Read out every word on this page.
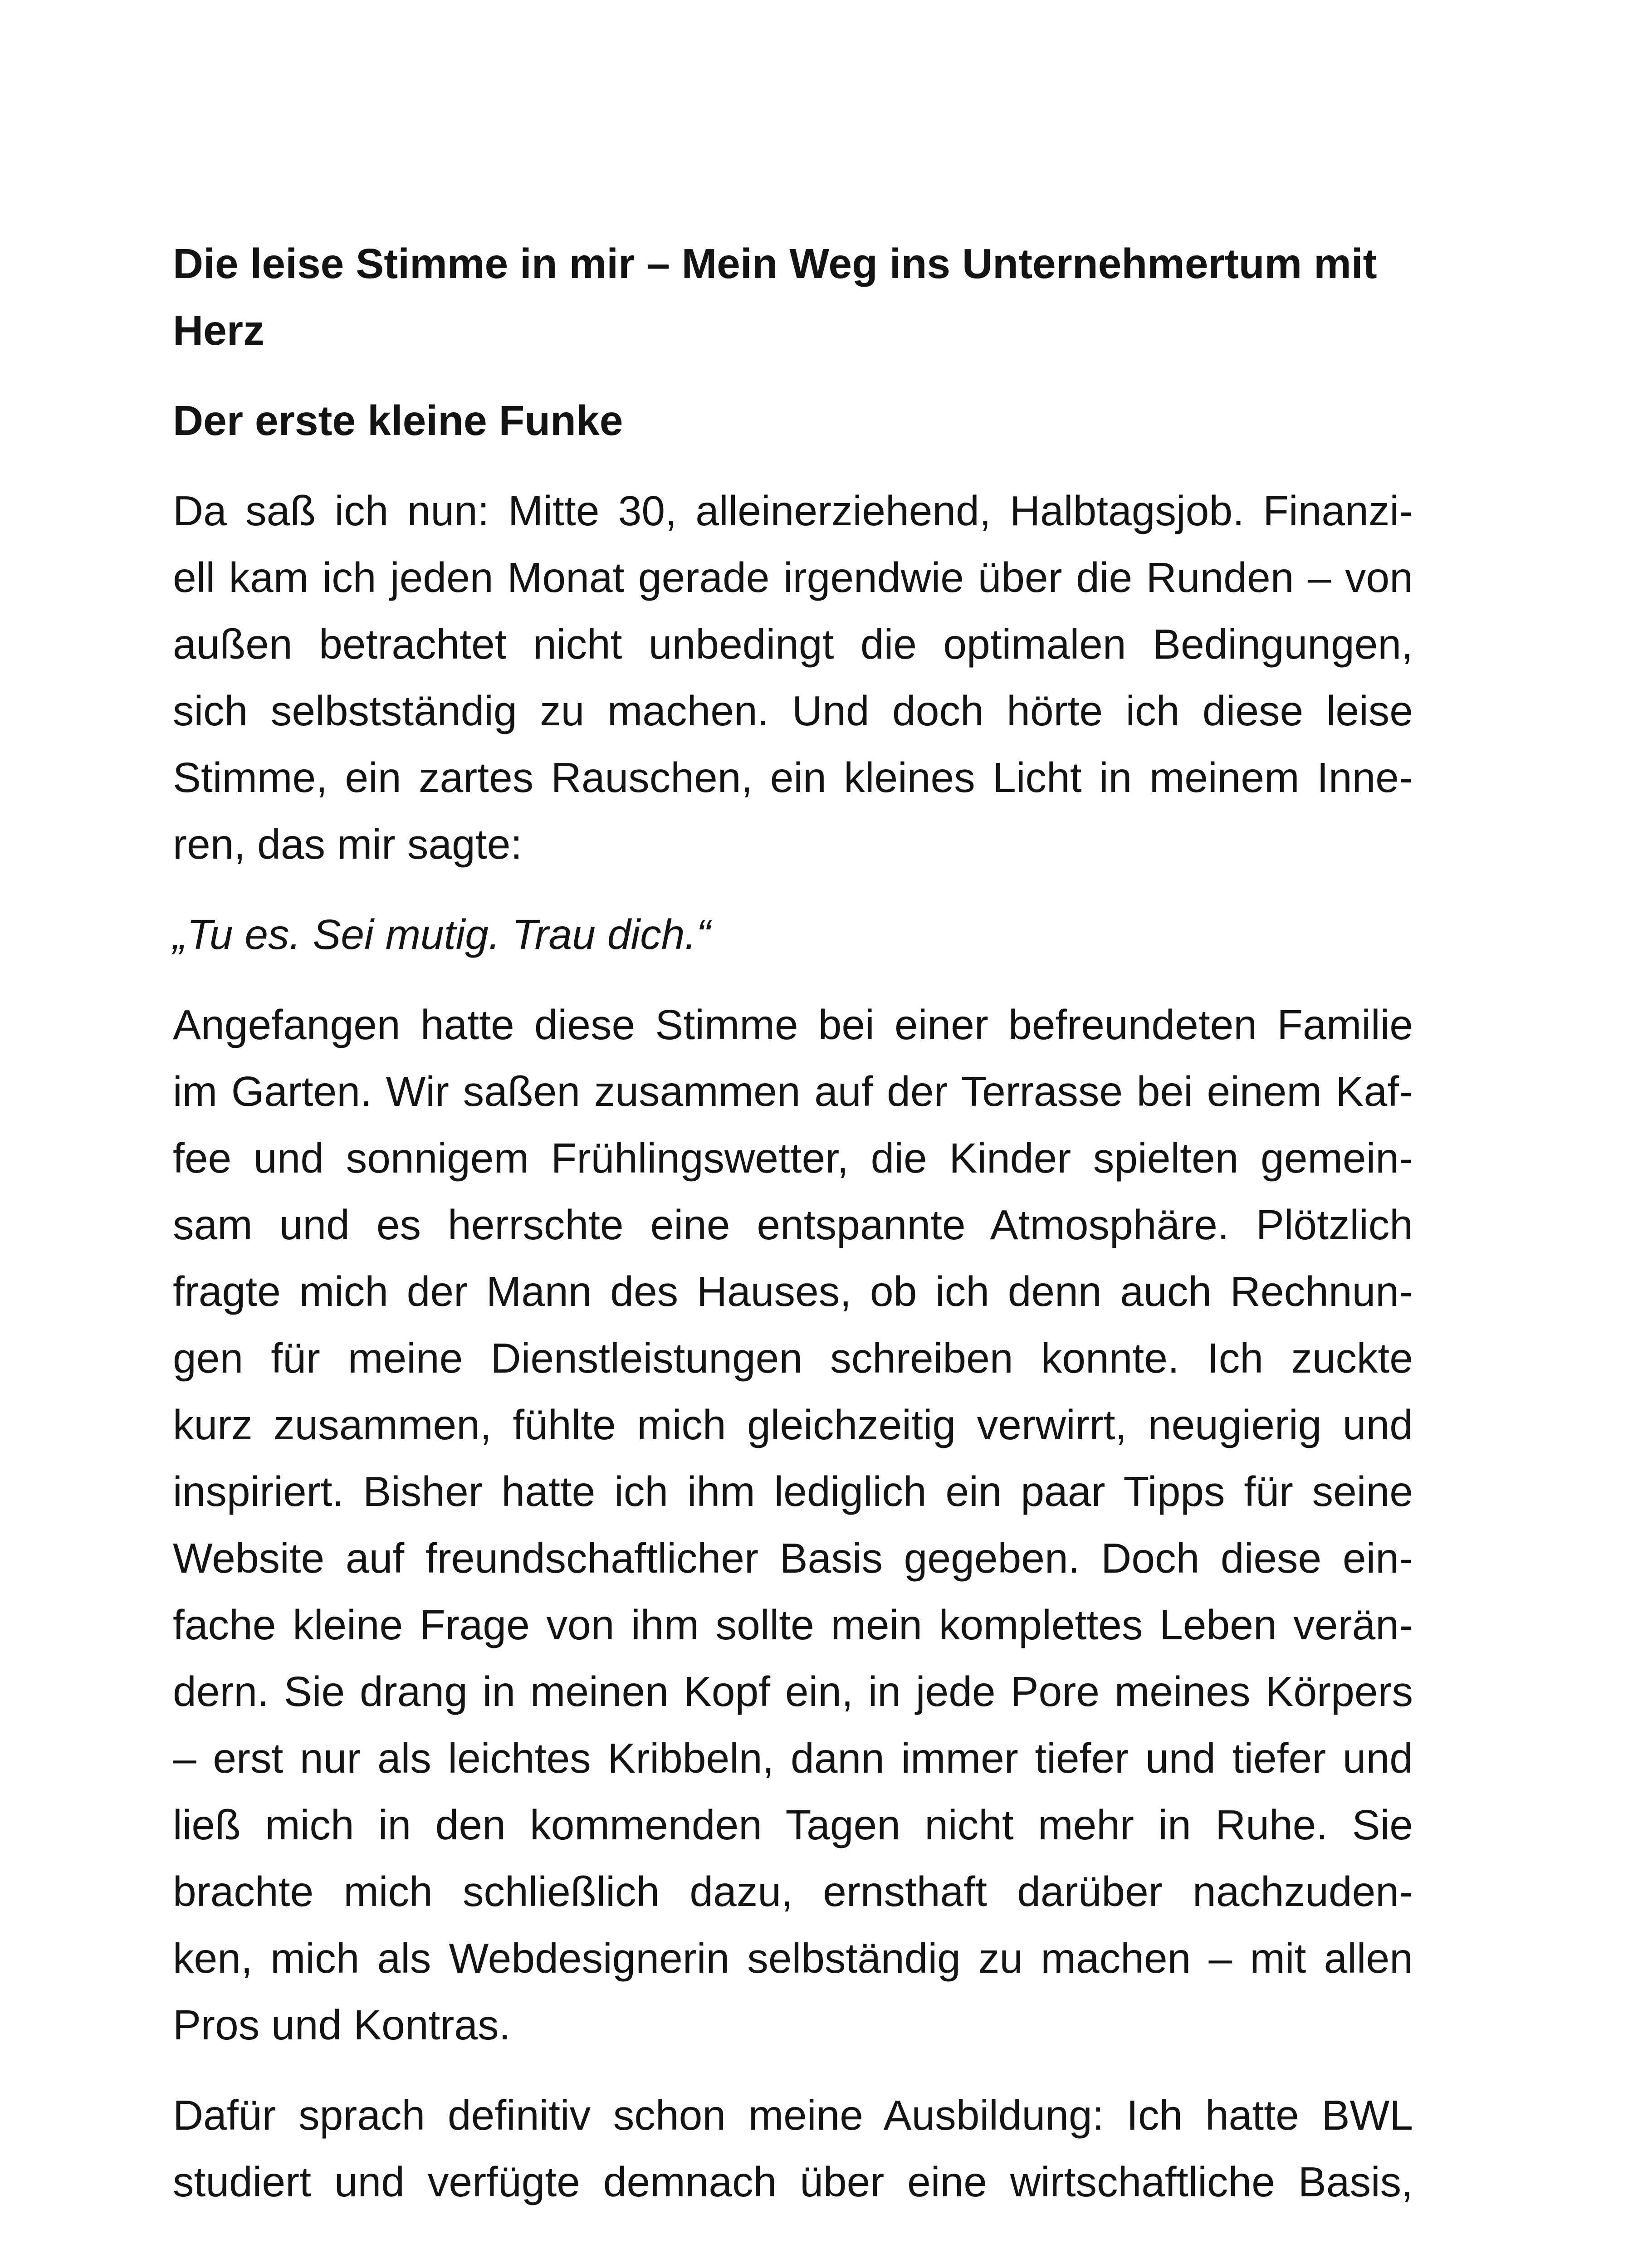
Die leise Stimme in mir – Mein Weg ins Unternehmertum mit
Herz
Der erste kleine Funke
Da saß ich nun: Mitte 30, alleinerziehend, Halbtagsjob. Finanzi-
ell kam ich jeden Monat gerade irgendwie über die Runden – von
außen betrachtet nicht unbedingt die optimalen Bedingungen,
sich selbstständig zu machen. Und doch hörte ich diese leise
Stimme, ein zartes Rauschen, ein kleines Licht in meinem Inne-
ren, das mir sagte:
„Tu es. Sei mutig. Trau dich.“
Angefangen hatte diese Stimme bei einer befreundeten Familie
im Garten. Wir saßen zusammen auf der Terrasse bei einem Kaf-
fee und sonnigem Frühlingswetter, die Kinder spielten gemein-
sam und es herrschte eine entspannte Atmosphäre. Plötzlich
fragte mich der Mann des Hauses, ob ich denn auch Rechnun-
gen für meine Dienstleistungen schreiben konnte. Ich zuckte
kurz zusammen, fühlte mich gleichzeitig verwirrt, neugierig und
inspiriert. Bisher hatte ich ihm lediglich ein paar Tipps für seine
Website auf freundschaftlicher Basis gegeben. Doch diese ein-
fache kleine Frage von ihm sollte mein komplettes Leben verän-
dern. Sie drang in meinen Kopf ein, in jede Pore meines Körpers
– erst nur als leichtes Kribbeln, dann immer tiefer und tiefer und
ließ mich in den kommenden Tagen nicht mehr in Ruhe. Sie
brachte mich schließlich dazu, ernsthaft darüber nachzuden-
ken, mich als Webdesignerin selbständig zu machen – mit allen
Pros und Kontras.
Dafür sprach definitiv schon meine Ausbildung: Ich hatte BWL
studiert und verfügte demnach über eine wirtschaftliche Basis,
